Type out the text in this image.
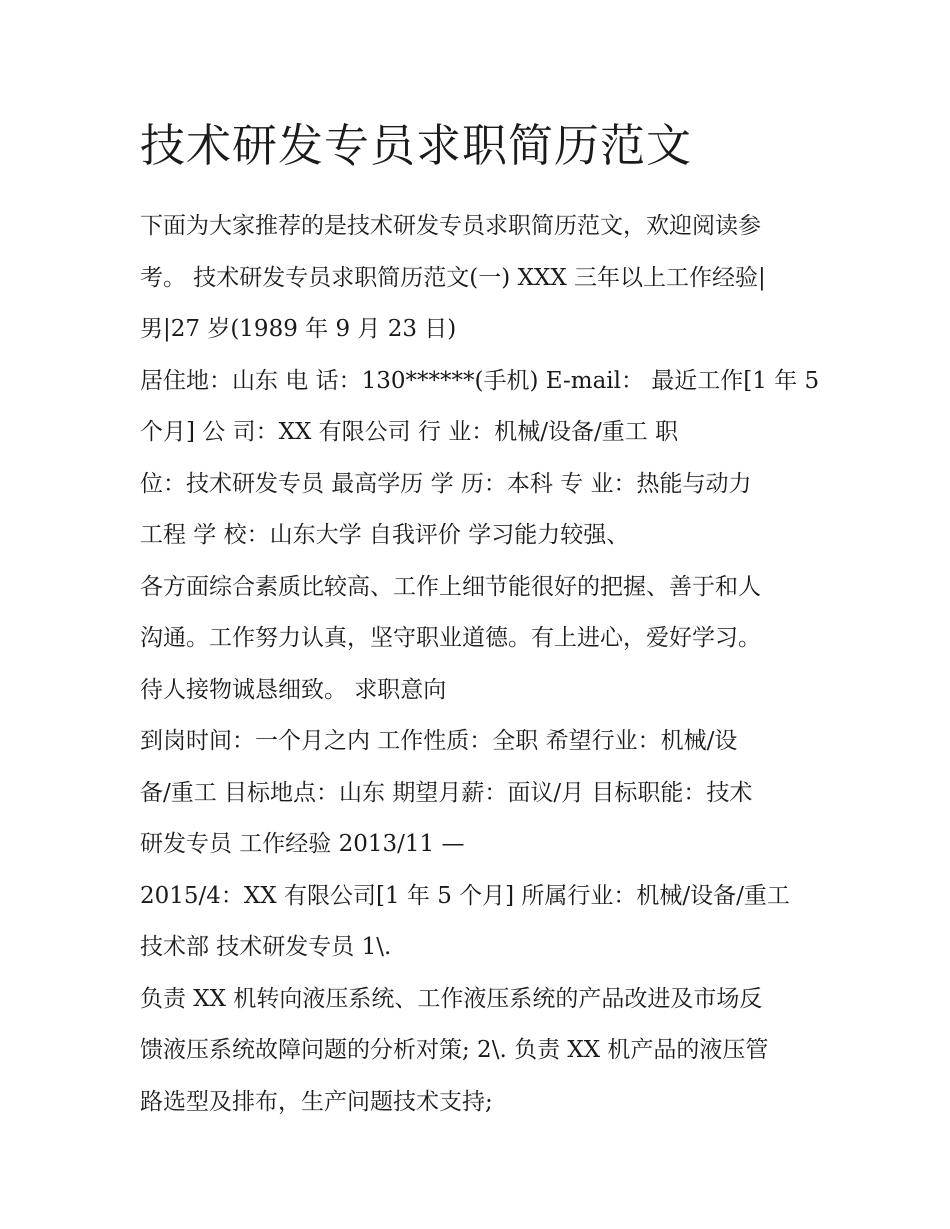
技术研发专员求职简历范文
下面为大家推荐的是技术研发专员求职简历范文，欢迎阅读参
考。 技术研发专员求职简历范文(一) XXX 三年以上工作经验|
男|27 岁(1989 年 9 月 23 日)
居住地：山东 电 话：130******(手机) E-mail： 最近工作[1 年 5
个月] 公 司：XX 有限公司 行 业：机械/设备/重工 职
位：技术研发专员 最高学历 学 历：本科 专 业：热能与动力
工程 学 校：山东大学 自我评价 学习能力较强、
各方面综合素质比较高、工作上细节能很好的把握、善于和人
沟通。工作努力认真，坚守职业道德。有上进心，爱好学习。
待人接物诚恳细致。 求职意向
到岗时间：一个月之内 工作性质：全职 希望行业：机械/设
备/重工 目标地点：山东 期望月薪：面议/月 目标职能：技术
研发专员 工作经验 2013/11 —
2015/4：XX 有限公司[1 年 5 个月] 所属行业：机械/设备/重工
技术部 技术研发专员 1\.
负责 XX 机转向液压系统、工作液压系统的产品改进及市场反
馈液压系统故障问题的分析对策; 2\. 负责 XX 机产品的液压管
路选型及排布，生产问题技术支持;
